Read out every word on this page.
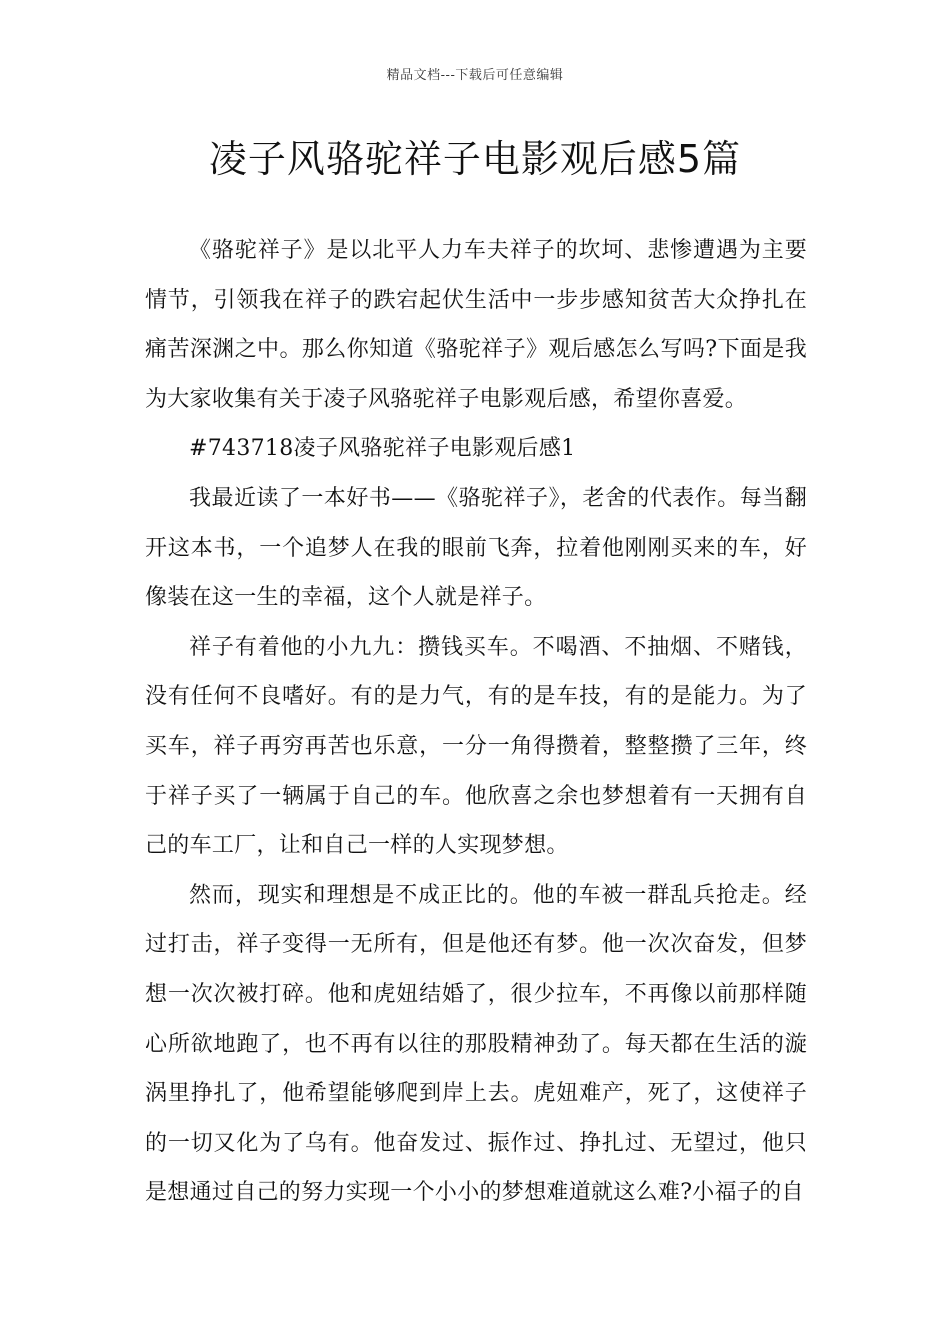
精品文档---下载后可任意编辑
凌子风骆驼祥子电影观后感5篇

《骆驼祥子》是以北平人力车夫祥子的坎坷、悲惨遭遇为主要情节，引领我在祥子的跌宕起伏生活中一步步感知贫苦大众挣扎在痛苦深渊之中。那么你知道《骆驼祥子》观后感怎么写吗?下面是我为大家收集有关于凌子风骆驼祥子电影观后感，希望你喜爱。

#743718凌子风骆驼祥子电影观后感1

我最近读了一本好书——《骆驼祥子》，老舍的代表作。每当翻开这本书，一个追梦人在我的眼前飞奔，拉着他刚刚买来的车，好像装在这一生的幸福，这个人就是祥子。

祥子有着他的小九九：攒钱买车。不喝酒、不抽烟、不赌钱，没有任何不良嗜好。有的是力气，有的是车技，有的是能力。为了买车，祥子再穷再苦也乐意，一分一角得攒着，整整攒了三年，终于祥子买了一辆属于自己的车。他欣喜之余也梦想着有一天拥有自己的车工厂，让和自己一样的人实现梦想。

然而，现实和理想是不成正比的。他的车被一群乱兵抢走。经过打击，祥子变得一无所有，但是他还有梦。他一次次奋发，但梦想一次次被打碎。他和虎妞结婚了，很少拉车，不再像以前那样随心所欲地跑了，也不再有以往的那股精神劲了。每天都在生活的漩涡里挣扎了，他希望能够爬到岸上去。虎妞难产，死了，这使祥子的一切又化为了乌有。他奋发过、振作过、挣扎过、无望过，他只是想通过自己的努力实现一个小小的梦想难道就这么难?小福子的自
